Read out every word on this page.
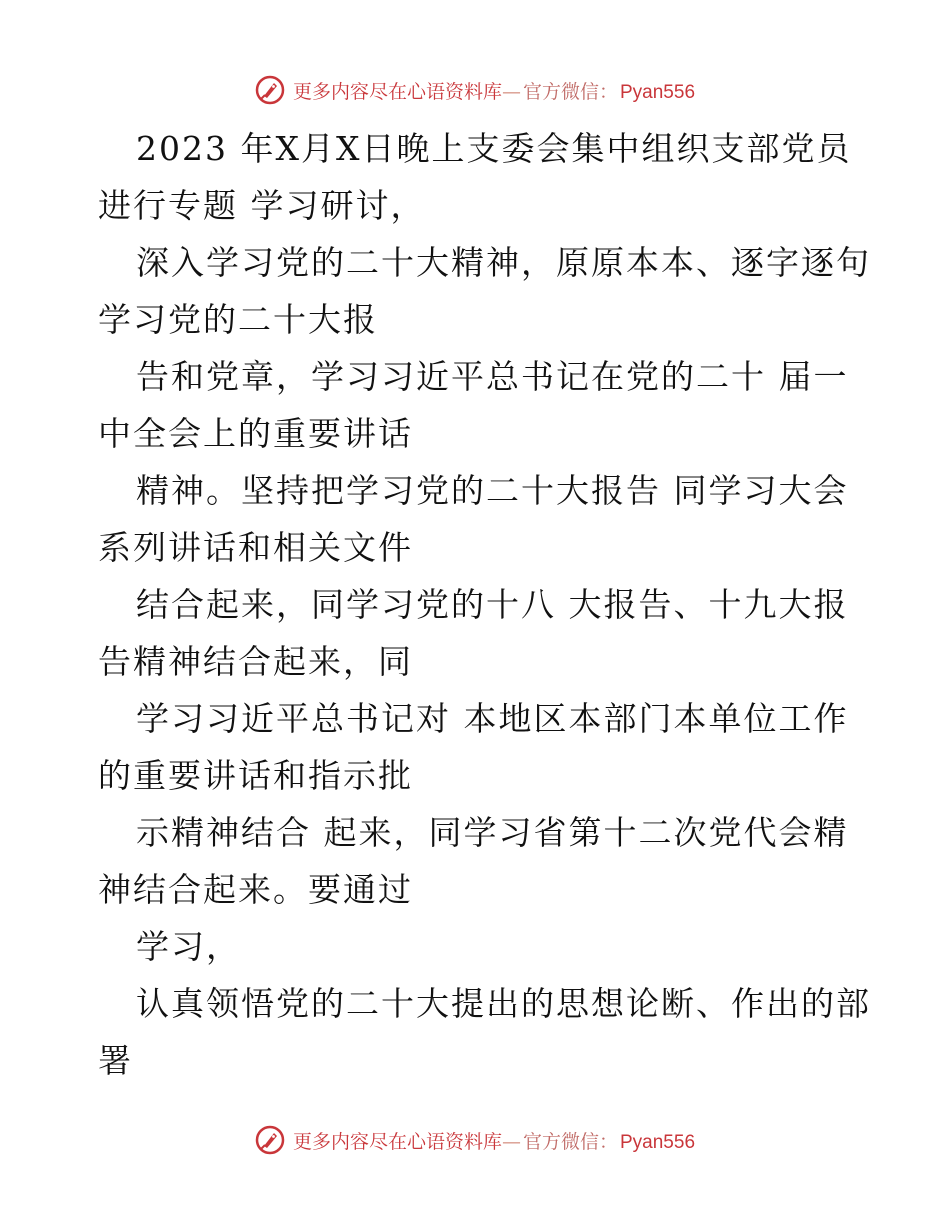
更多内容尽在心语资料库 — 官方微信： Pyan556
2023 年X月X日晚上支委会集中组织支部党员
进行专题 学习研讨，
深入学习党的二十大精神，原原本本、逐字逐句
学习党的二十大报
告和党章，学习习近平总书记在党的二十 届一
中全会上的重要讲话
精神。坚持把学习党的二十大报告 同学习大会
系列讲话和相关文件
结合起来，同学习党的十八 大报告、十九大报
告精神结合起来，同
学习习近平总书记对 本地区本部门本单位工作
的重要讲话和指示批
示精神结合 起来，同学习省第十二次党代会精
神结合起来。要通过
学习，
认真领悟党的二十大提出的思想论断、作出的部
署
更多内容尽在心语资料库 — 官方微信： Pyan556
